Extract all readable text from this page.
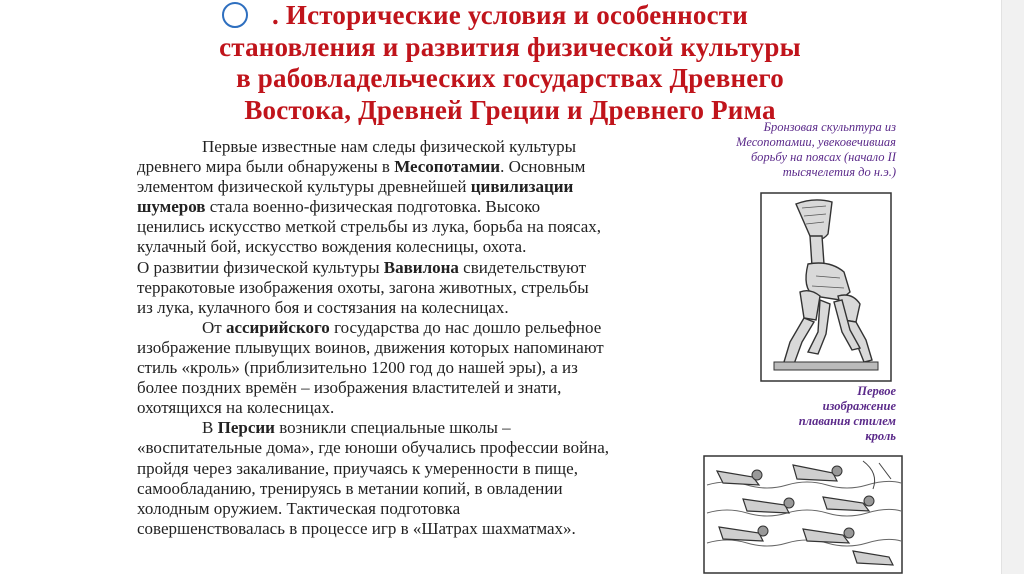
. Исторические условия и особенности
становления и развития физической культуры
в рабовладельческих государствах Древнего
Востока, Древней Греции и Древнего Рима

Первые известные нам следы физической культуры

древнего мира были обнаружены в Месопотамии. Основным

элементом физической культуры древнейшей цивилизации

шумеров стала военно-физическая подготовка. Высоко

ценились искусство меткой стрельбы из лука, борьба на поясах,

кулачный бой, искусство вождения колесницы, охота.

О развитии физической культуры Вавилона свидетельствуют

терракотовые изображения охоты, загона животных, стрельбы

из лука, кулачного боя и состязания на колесницах.

От ассирийского государства до нас дошло рельефное

изображение плывущих воинов, движения которых напоминают

стиль «кроль» (приблизительно 1200 год до нашей эры), а из

более поздних времён – изображения властителей и знати,

охотящихся на колесницах.

В Персии возникли специальные школы –

«воспитательные дома», где юноши обучались профессии война,

пройдя через закаливание, приучаясь к умеренности в пище,

самообладанию, тренируясь в метании копий, в овладении

холодным оружием. Тактическая подготовка

совершенствовалась в процессе игр в «Шатрах шахматмах».

Бронзовая скульптура из
Месопотамии, увековечившая
борьбу на поясах (начало II
тысячелетия до н.э.)
Первое
изображение
плавания стилем
кроль
